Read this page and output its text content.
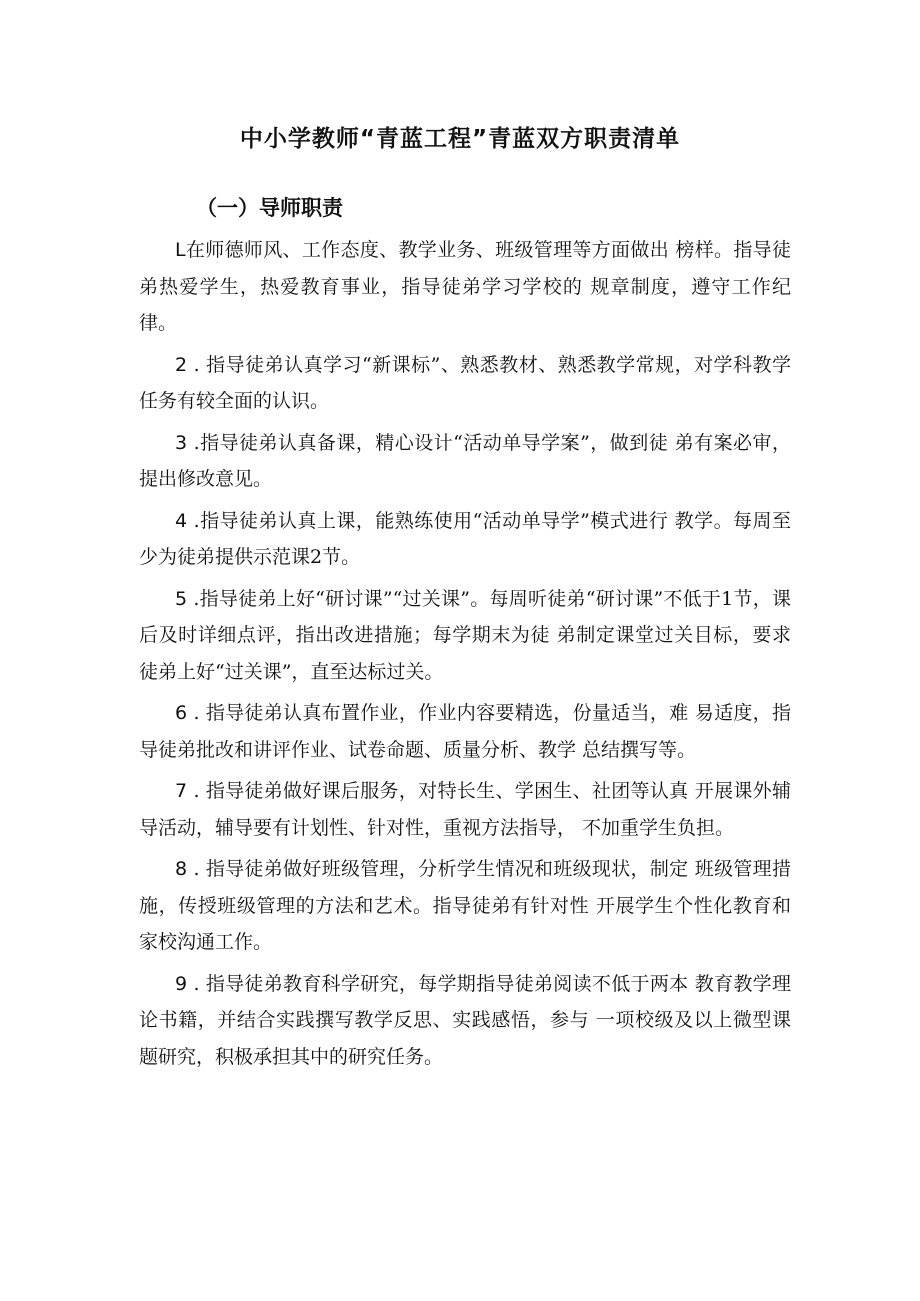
中小学教师“青蓝工程”青蓝双方职责清单
（一）导师职责

L在师德师风、工作态度、教学业务、班级管理等方面做出 榜样。指导徒弟热爱学生，热爱教育事业，指导徒弟学习学校的 规章制度，遵守工作纪律。

2 . 指导徒弟认真学习“新课标”、熟悉教材、熟悉教学常规，对学科教学任务有较全面的认识。

3 .指导徒弟认真备课，精心设计“活动单导学案”，做到徒 弟有案必审，提出修改意见。

4 .指导徒弟认真上课，能熟练使用“活动单导学”模式进行 教学。每周至少为徒弟提供示范课2节。

5 .指导徒弟上好“研讨课”“过关课”。每周听徒弟“研讨课”不低于1节，课后及时详细点评，指出改进措施；每学期末为徒 弟制定课堂过关目标，要求徒弟上好“过关课”，直至达标过关。

6 . 指导徒弟认真布置作业，作业内容要精选，份量适当，难 易适度，指导徒弟批改和讲评作业、试卷命题、质量分析、教学 总结撰写等。

7 . 指导徒弟做好课后服务，对特长生、学困生、社团等认真 开展课外辅导活动，辅导要有计划性、针对性，重视方法指导， 不加重学生负担。

8 . 指导徒弟做好班级管理，分析学生情况和班级现状，制定 班级管理措施，传授班级管理的方法和艺术。指导徒弟有针对性 开展学生个性化教育和家校沟通工作。

9 . 指导徒弟教育科学研究，每学期指导徒弟阅读不低于两本 教育教学理论书籍，并结合实践撰写教学反思、实践感悟，参与 一项校级及以上微型课题研究，积极承担其中的研究任务。
